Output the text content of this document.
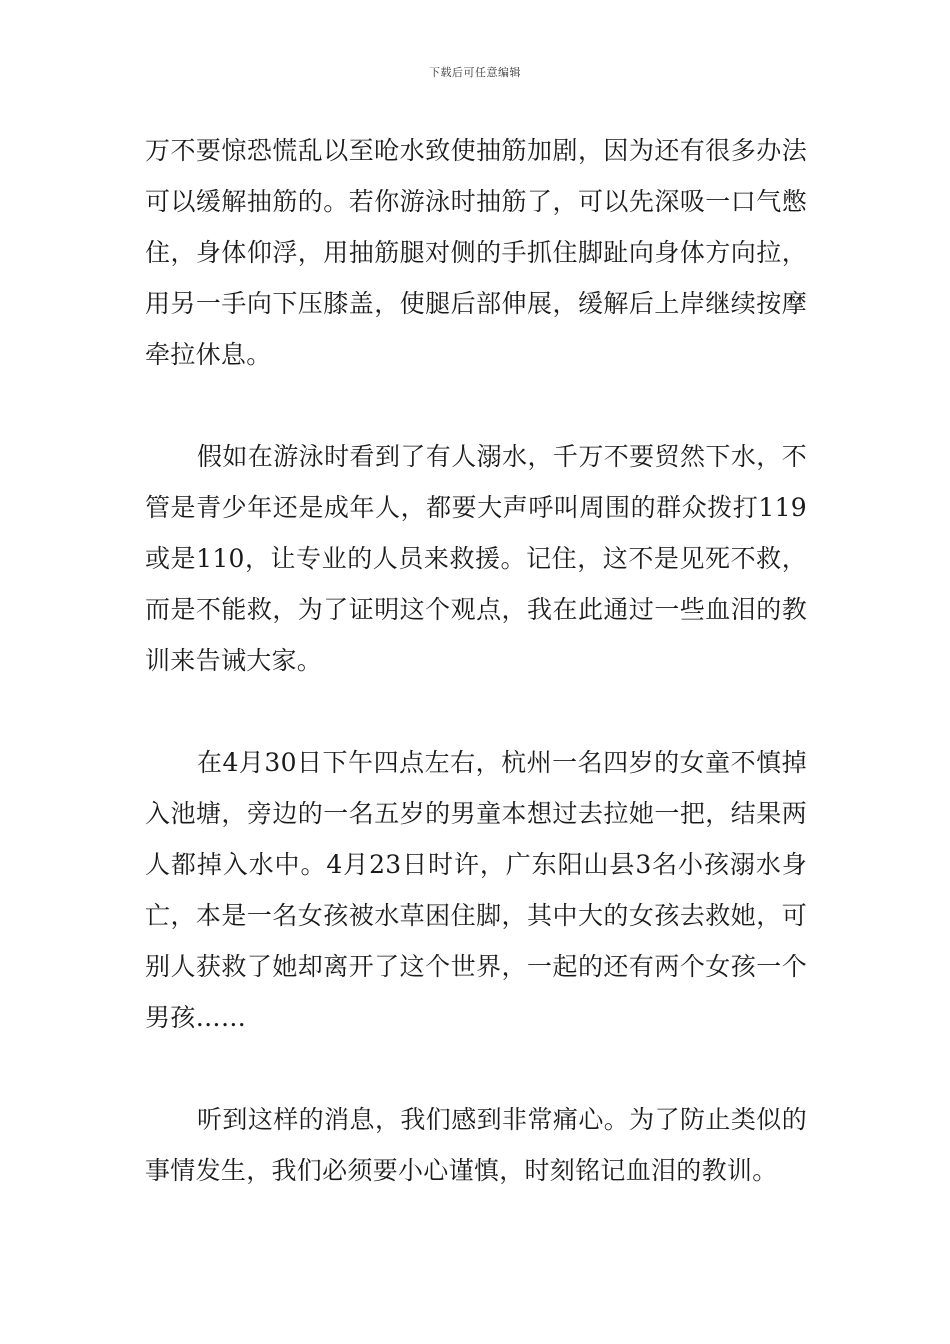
下载后可任意编辑

万不要惊恐慌乱以至呛水致使抽筋加剧，因为还有很多办法可以缓解抽筋的。若你游泳时抽筋了，可以先深吸一口气憋住，身体仰浮，用抽筋腿对侧的手抓住脚趾向身体方向拉，用另一手向下压膝盖，使腿后部伸展，缓解后上岸继续按摩牵拉休息。

假如在游泳时看到了有人溺水，千万不要贸然下水，不管是青少年还是成年人，都要大声呼叫周围的群众拨打119或是110，让专业的人员来救援。记住，这不是见死不救，而是不能救，为了证明这个观点，我在此通过一些血泪的教训来告诫大家。

在4月30日下午四点左右，杭州一名四岁的女童不慎掉入池塘，旁边的一名五岁的男童本想过去拉她一把，结果两人都掉入水中。4月23日时许，广东阳山县3名小孩溺水身亡，本是一名女孩被水草困住脚，其中大的女孩去救她，可别人获救了她却离开了这个世界，一起的还有两个女孩一个男孩……

听到这样的消息，我们感到非常痛心。为了防止类似的事情发生，我们必须要小心谨慎，时刻铭记血泪的教训。
